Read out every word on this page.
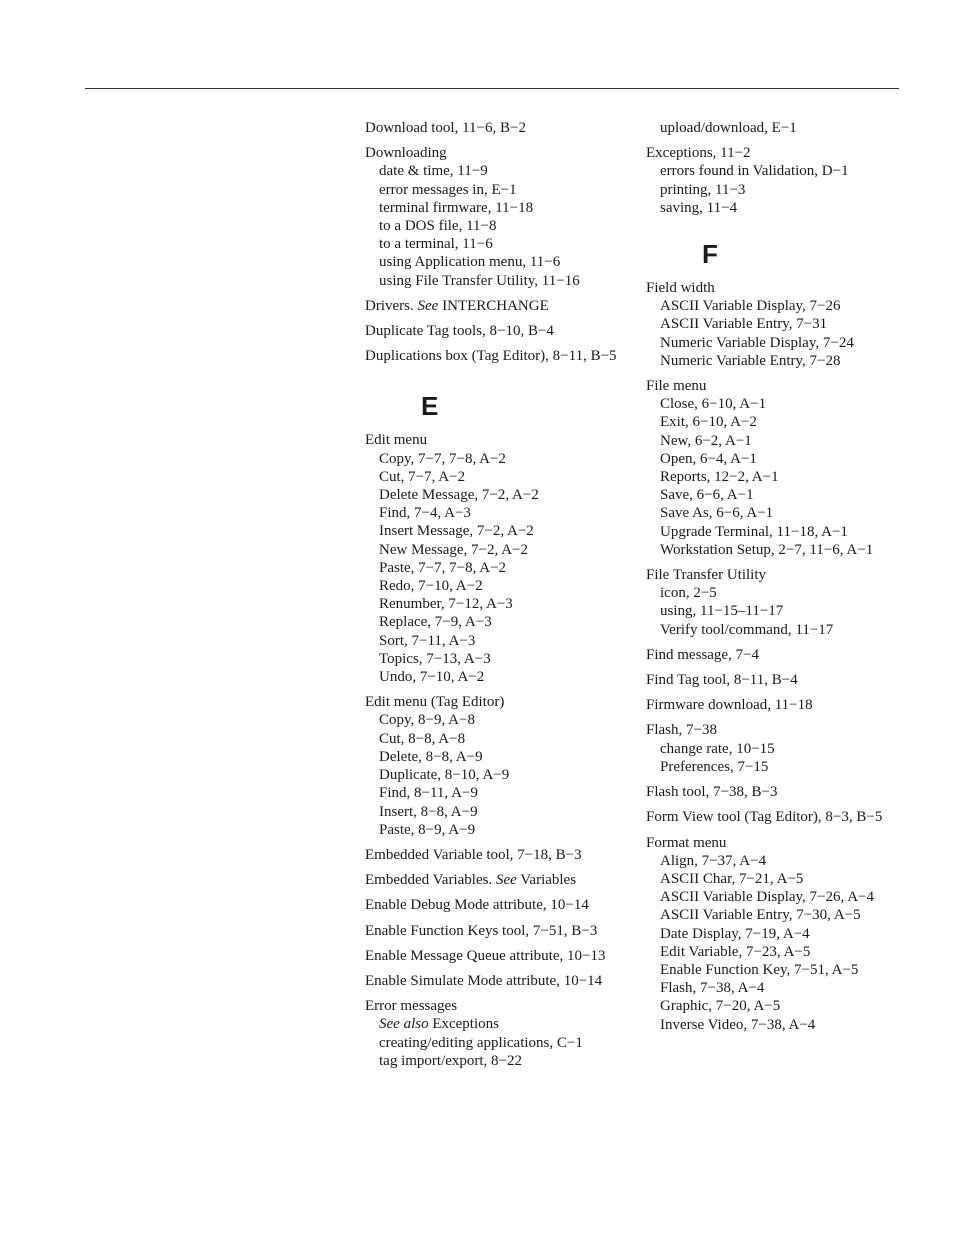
Download tool, 11−6, B−2
Downloading
date & time, 11−9
error messages in, E−1
terminal firmware, 11−18
to a DOS file, 11−8
to a terminal, 11−6
using Application menu, 11−6
using File Transfer Utility, 11−16
Drivers. See INTERCHANGE
Duplicate Tag tools, 8−10, B−4
Duplications box (Tag Editor), 8−11, B−5
E
Edit menu
Copy, 7−7, 7−8, A−2
Cut, 7−7, A−2
Delete Message, 7−2, A−2
Find, 7−4, A−3
Insert Message, 7−2, A−2
New Message, 7−2, A−2
Paste, 7−7, 7−8, A−2
Redo, 7−10, A−2
Renumber, 7−12, A−3
Replace, 7−9, A−3
Sort, 7−11, A−3
Topics, 7−13, A−3
Undo, 7−10, A−2
Edit menu (Tag Editor)
Copy, 8−9, A−8
Cut, 8−8, A−8
Delete, 8−8, A−9
Duplicate, 8−10, A−9
Find, 8−11, A−9
Insert, 8−8, A−9
Paste, 8−9, A−9
Embedded Variable tool, 7−18, B−3
Embedded Variables. See Variables
Enable Debug Mode attribute, 10−14
Enable Function Keys tool, 7−51, B−3
Enable Message Queue attribute, 10−13
Enable Simulate Mode attribute, 10−14
Error messages
See also Exceptions
creating/editing applications, C−1
tag import/export, 8−22
upload/download, E−1
Exceptions, 11−2
errors found in Validation, D−1
printing, 11−3
saving, 11−4
F
Field width
ASCII Variable Display, 7−26
ASCII Variable Entry, 7−31
Numeric Variable Display, 7−24
Numeric Variable Entry, 7−28
File menu
Close, 6−10, A−1
Exit, 6−10, A−2
New, 6−2, A−1
Open, 6−4, A−1
Reports, 12−2, A−1
Save, 6−6, A−1
Save As, 6−6, A−1
Upgrade Terminal, 11−18, A−1
Workstation Setup, 2−7, 11−6, A−1
File Transfer Utility
icon, 2−5
using, 11−15–11−17
Verify tool/command, 11−17
Find message, 7−4
Find Tag tool, 8−11, B−4
Firmware download, 11−18
Flash, 7−38
change rate, 10−15
Preferences, 7−15
Flash tool, 7−38, B−3
Form View tool (Tag Editor), 8−3, B−5
Format menu
Align, 7−37, A−4
ASCII Char, 7−21, A−5
ASCII Variable Display, 7−26, A−4
ASCII Variable Entry, 7−30, A−5
Date Display, 7−19, A−4
Edit Variable, 7−23, A−5
Enable Function Key, 7−51, A−5
Flash, 7−38, A−4
Graphic, 7−20, A−5
Inverse Video, 7−38, A−4
